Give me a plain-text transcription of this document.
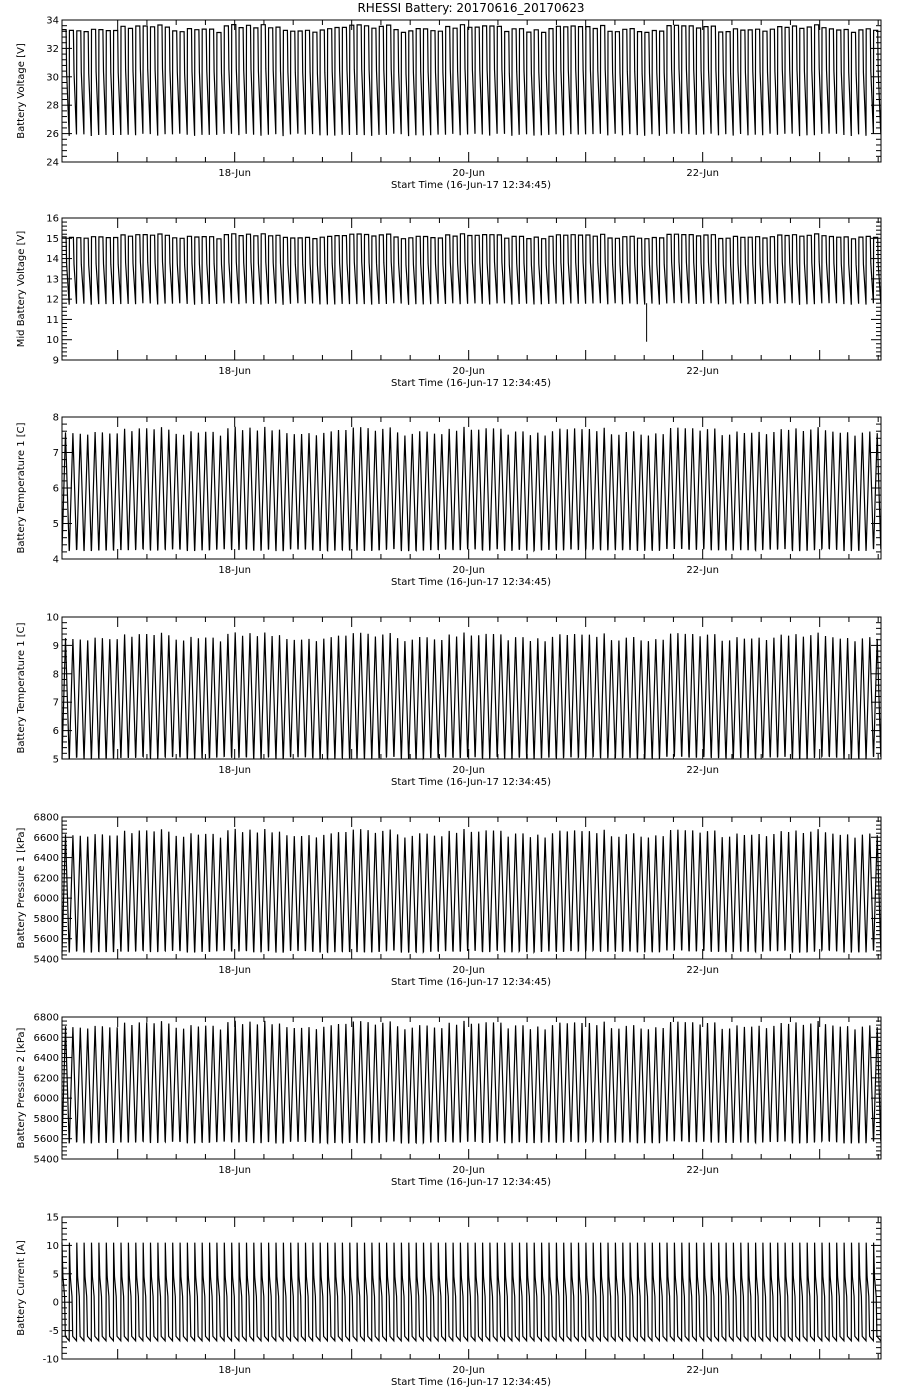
RHESSI Battery: 20170616_20170623
24
26
28
30
32
34
18-Jun	20-Jun	22-Jun
Start Time (16-Jun-17 12:34:45)
Battery Voltage [V]
9
10
11
12
13
14
15
16
18-Jun	20-Jun	22-Jun
Start Time (16-Jun-17 12:34:45)
Mid Battery Voltage [V]
4
5
6
7
8
18-Jun	20-Jun	22-Jun
Start Time (16-Jun-17 12:34:45)
Battery Temperature 1 [C]
5
6
7
8
9
10
18-Jun	20-Jun	22-Jun
Start Time (16-Jun-17 12:34:45)
Battery Temperature 1 [C]
5400
5600
5800
6000
6200
6400
6600
6800
18-Jun	20-Jun	22-Jun
Start Time (16-Jun-17 12:34:45)
Battery Pressure 1 [kPa]
5400
5600
5800
6000
6200
6400
6600
6800
18-Jun	20-Jun	22-Jun
Start Time (16-Jun-17 12:34:45)
Battery Pressure 2 [kPa]
-10
-5
0
5
10
15
18-Jun	20-Jun	22-Jun
Start Time (16-Jun-17 12:34:45)
Battery Current [A]
